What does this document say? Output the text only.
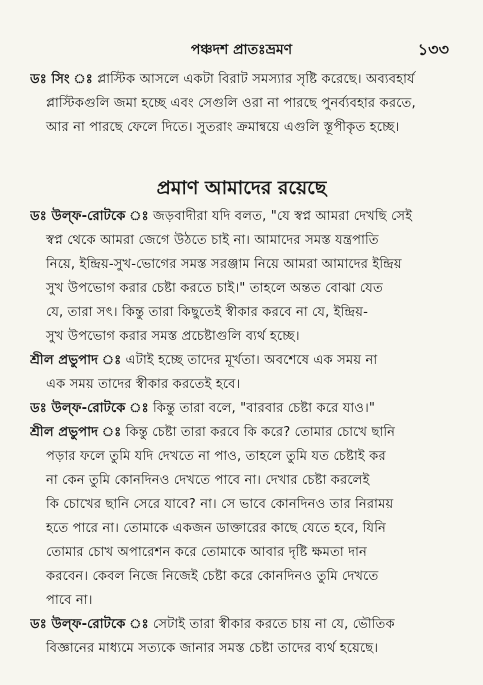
পঞ্চদশ প্রাতঃভ্রমণ	১৩৩
ডঃ সিং ঃ প্লাস্টিক আসলে একটা বিরাট সমস্যার সৃষ্টি করেছে। অব্যবহার্য
প্লাস্টিকগুলি জমা হচ্ছে এবং সেগুলি ওরা না পারছে পুনর্ব্যবহার করতে,
আর না পারছে ফেলে দিতে। সুতরাং ক্রমান্বয়ে এগুলি স্তূপীকৃত হচ্ছে।
প্রমাণ আমাদের রয়েছে
ডঃ উল্‌ফ-রোটকে ঃ জড়বাদীরা যদি বলত, "যে স্বপ্ন আমরা দেখছি সেই
স্বপ্ন থেকে আমরা জেগে উঠতে চাই না। আমাদের সমস্ত যন্ত্রপাতি
নিয়ে, ইন্দ্রিয়-সুখ-ভোগের সমস্ত সরঞ্জাম নিয়ে আমরা আমাদের ইন্দ্রিয়
সুখ উপভোগ করার চেষ্টা করতে চাই।" তাহলে অন্তত বোঝা যেত
যে, তারা সৎ। কিন্তু তারা কিছুতেই স্বীকার করবে না যে, ইন্দ্রিয়-
সুখ উপভোগ করার সমস্ত প্রচেষ্টাগুলি ব্যর্থ হচ্ছে।
শ্রীল প্রভুপাদ ঃ এটাই হচ্ছে তাদের মূর্খতা। অবশেষে এক সময় না
এক সময় তাদের স্বীকার করতেই হবে।
ডঃ উল্‌ফ-রোটকে ঃ কিন্তু তারা বলে, "বারবার চেষ্টা করে যাও।"
শ্রীল প্রভুপাদ ঃ কিন্তু চেষ্টা তারা করবে কি করে? তোমার চোখে ছানি
পড়ার ফলে তুমি যদি দেখতে না পাও, তাহলে তুমি যত চেষ্টাই কর
না কেন তুমি কোনদিনও দেখতে পাবে না। দেখার চেষ্টা করলেই
কি চোখের ছানি সেরে যাবে? না। সে ভাবে কোনদিনও তার নিরাময়
হতে পারে না। তোমাকে একজন ডাক্তারের কাছে যেতে হবে, যিনি
তোমার চোখ অপারেশন করে তোমাকে আবার দৃষ্টি ক্ষমতা দান
করবেন। কেবল নিজে নিজেই চেষ্টা করে কোনদিনও তুমি দেখতে
পাবে না।
ডঃ উল্‌ফ-রোটকে ঃ সেটাই তারা স্বীকার করতে চায় না যে, ভৌতিক
বিজ্ঞানের মাধ্যমে সত্যকে জানার সমস্ত চেষ্টা তাদের ব্যর্থ হয়েছে।
